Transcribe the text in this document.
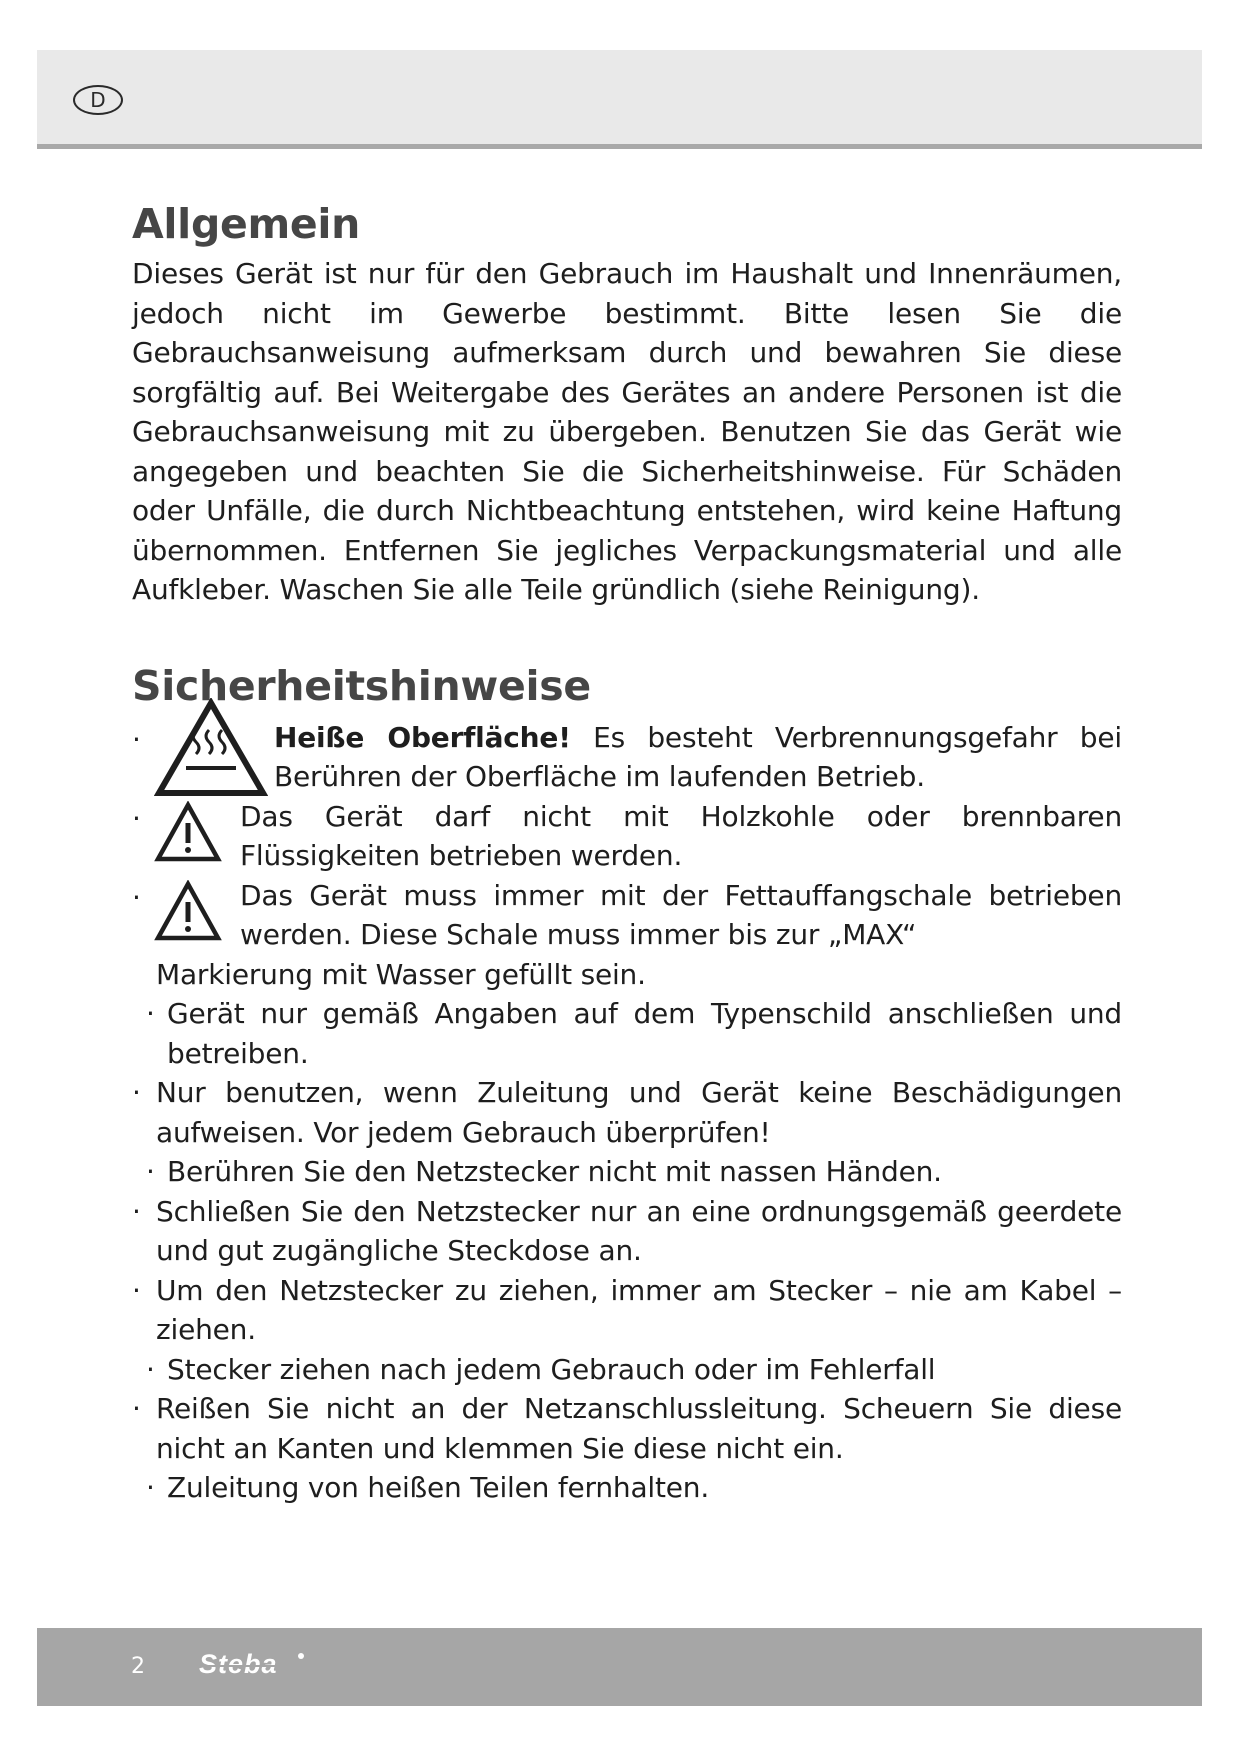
D
Allgemein

Dieses Gerät ist nur für den Gebrauch im Haushalt und Innenräumen, jedoch nicht im Gewerbe bestimmt. Bitte lesen Sie die Gebrauchsanweisung aufmerksam durch und bewahren Sie diese sorgfältig auf. Bei Weitergabe des Gerätes an andere Personen ist die Gebrauchsanweisung mit zu übergeben. Benutzen Sie das Gerät wie angegeben und beachten Sie die Sicherheitshinweise. Für Schäden oder Unfälle, die durch Nichtbeachtung entstehen, wird keine Haftung übernommen. Entfernen Sie jegliches Verpackungsmaterial und alle Aufkleber. Waschen Sie alle Teile gründlich (siehe Reinigung).

Sicherheitshinweise
·	Heiße Oberfläche! Es besteht Verbrennungsgefahr bei Berühren der Oberfläche im laufenden Betrieb.
·	Das Gerät darf nicht mit Holzkohle oder brennbaren Flüssigkeiten betrieben werden.
·	Das Gerät muss immer mit der Fettauffangschale betrieben werden. Diese Schale muss immer bis zur „MAX“
Markierung mit Wasser gefüllt sein.
· Gerät nur gemäß Angaben auf dem Typenschild anschließen und betreiben.
· Nur benutzen, wenn Zuleitung und Gerät keine Beschädigungen aufweisen. Vor jedem Gebrauch überprüfen!
· Berühren Sie den Netzstecker nicht mit nassen Händen.
· Schließen Sie den Netzstecker nur an eine ordnungsgemäß geerdete und gut zugängliche Steckdose an.
· Um den Netzstecker zu ziehen, immer am Stecker – nie am Kabel – ziehen.
· Stecker ziehen nach jedem Gebrauch oder im Fehlerfall
· Reißen Sie nicht an der Netzanschlussleitung. Scheuern Sie diese nicht an Kanten und klemmen Sie diese nicht ein.
· Zuleitung von heißen Teilen fernhalten.
2 Steba
